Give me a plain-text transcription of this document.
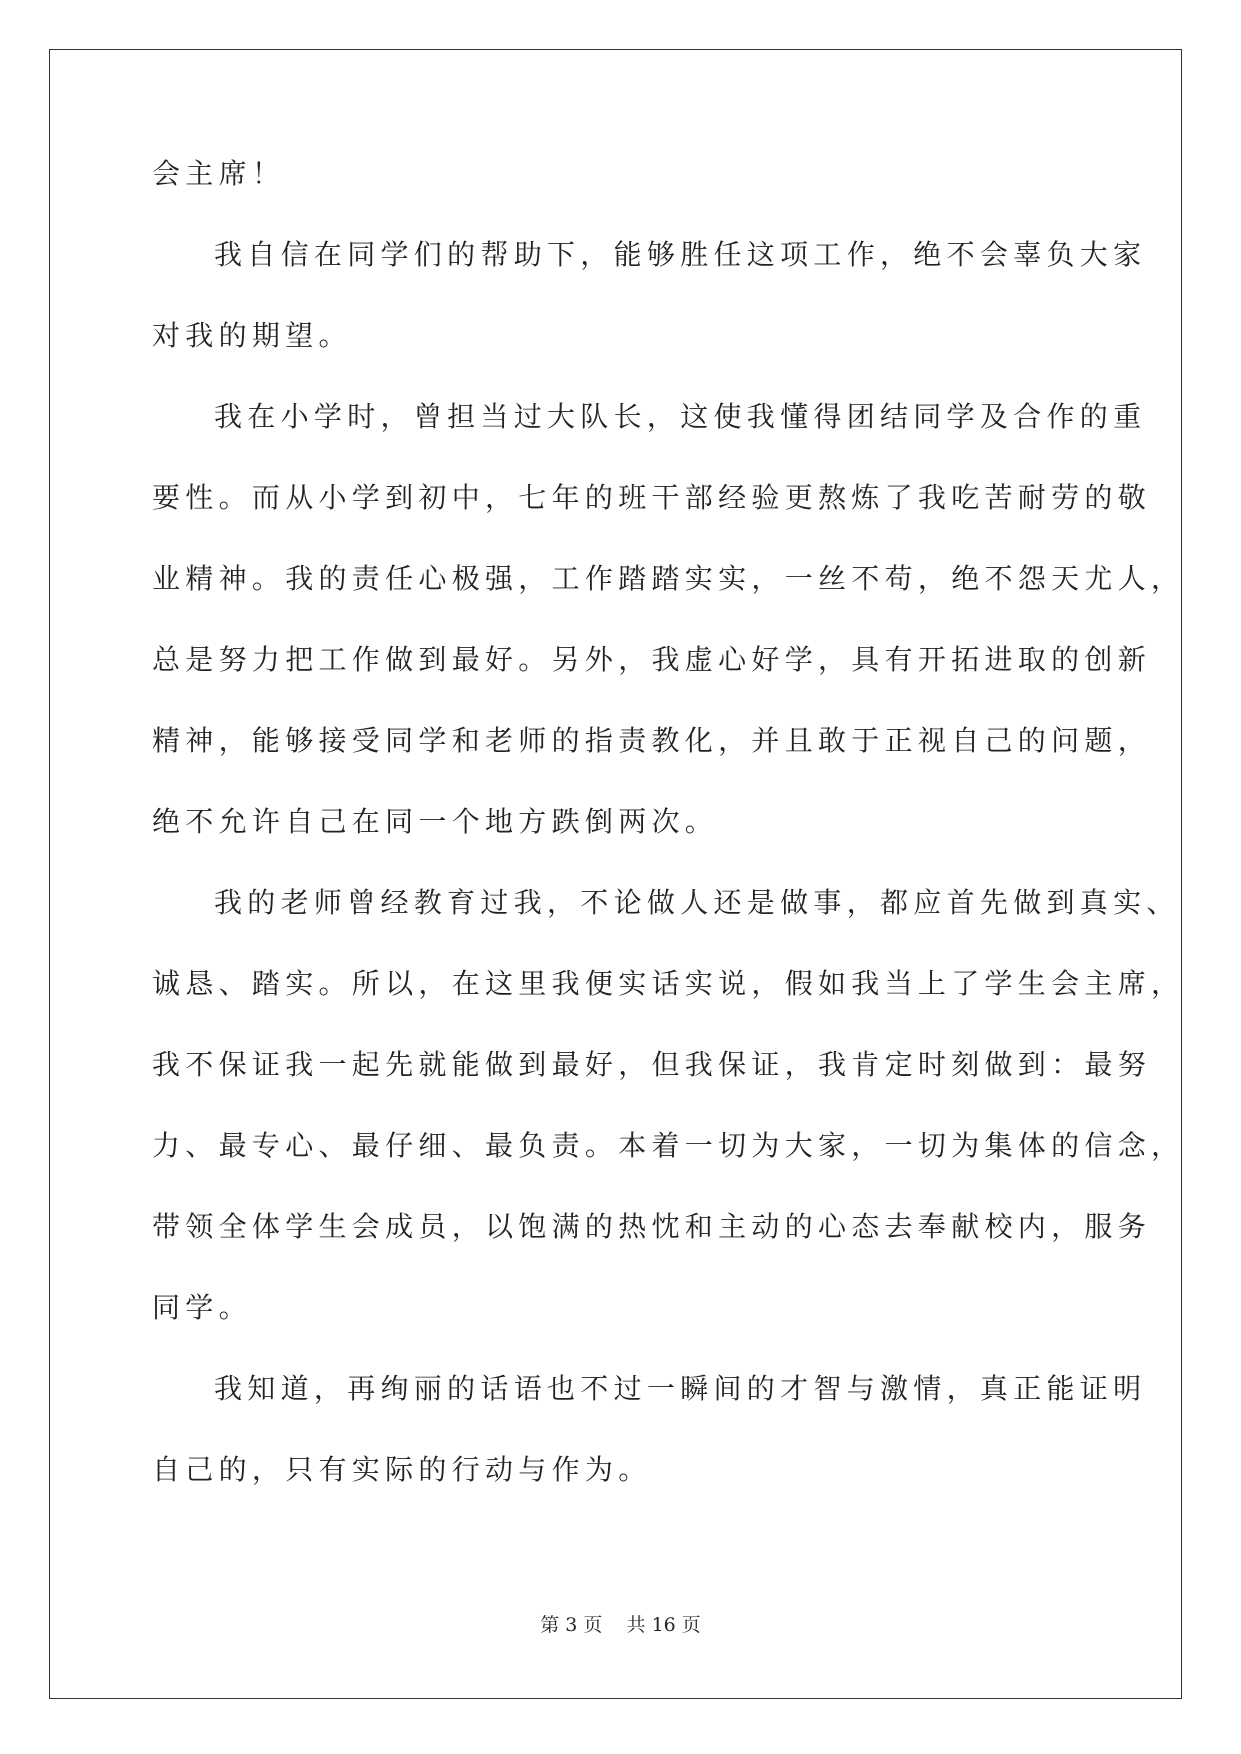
会主席！
我自信在同学们的帮助下，能够胜任这项工作，绝不会辜负大家
对我的期望。
我在小学时，曾担当过大队长，这使我懂得团结同学及合作的重
要性。而从小学到初中，七年的班干部经验更熬炼了我吃苦耐劳的敬
业精神。我的责任心极强，工作踏踏实实，一丝不苟，绝不怨天尤人，
总是努力把工作做到最好。另外，我虚心好学，具有开拓进取的创新
精神，能够接受同学和老师的指责教化，并且敢于正视自己的问题，
绝不允许自己在同一个地方跌倒两次。
我的老师曾经教育过我，不论做人还是做事，都应首先做到真实、
诚恳、踏实。所以，在这里我便实话实说，假如我当上了学生会主席，
我不保证我一起先就能做到最好，但我保证，我肯定时刻做到：最努
力、最专心、最仔细、最负责。本着一切为大家，一切为集体的信念，
带领全体学生会成员，以饱满的热忱和主动的心态去奉献校内，服务
同学。
我知道，再绚丽的话语也不过一瞬间的才智与激情，真正能证明
自己的，只有实际的行动与作为。
第 3 页    共 16 页
